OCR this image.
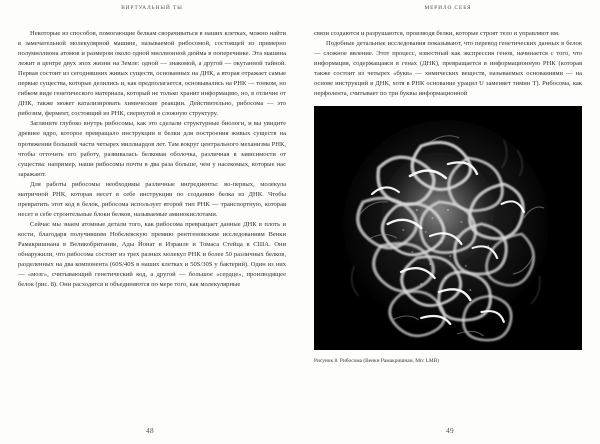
ВИРТУАЛЬНЫЙ ТЫ

Некоторые из способов, помогающие белкам сворачиваться в наших клетках, можно найти в замечательной молекулярной машине, называемой рибосомой, состоящей из примерно полумиллиона атомов и размером около одной миллионной дюйма в поперечнике. Эта машина лежит в центре двух эпох жизни на Земле: одной — знакомой, а другой — окутанной тайной. Первая состоит из сегодняшних живых существ, основанных на ДНК, а вторая отражает самые первые существа, которые делились и, как предполагается, основывались на РНК — тонком, но гибком виде генетического материала, который не только хранит информацию, но, в отличие от ДНК, также может катализировать химические реакции. Действительно, рибосома — это рибозим, фермент, состоящий из РНК, свернутой в сложную структуру.

Загляните глубоко внутрь рибосомы, как это сделали структурные биологи, и вы увидите древнее ядро, которое превращало инструкции в белки для построения живых существ на протяжении большей части четырех миллиардов лет. Там вокруг центрального механизма РНК, чтобы отточить его работу, развивалась белковая оболочка, различная в зависимости от существа: например, наши рибосомы почти в два раза больше, чем у насекомых, которые нас заражают.

Для работы рибосомы необходимы различные ингредиенты: во-первых, молекула матричной РНК, которая несет в себе инструкции по созданию белка из ДНК. Чтобы превратить этот код в белок, рибосома использует второй тип РНК — транспортную, которая несет в себе строительные блоки белков, называемые аминокислотами.

Сейчас мы знаем атомные детали того, как рибосома превращает данные ДНК в плоть и кости, благодаря получившим Нобелевскую премию рентгеновским исследованиям Венки Рамакришнана в Великобритании, Ады Йонат в Израиле и Томаса Стейца в США. Они обнаружили, что рибосома состоит из трех разных молекул РНК и более 50 различных белков, разделенных на два компонента (60S/40S в наших клетках и 50S/30S у бактерий). Один из них — «мозг», считывающий генетический код, а другой — большое «сердце», производящее белок (рис. 8). Они расходятся и объединяются по мере того, как молекулярные

48
МЕРИЛО СЕБЯ

связи создаются и разрушаются, производя белки, которые строят тело и управляют им.

Подобные детальные исследования показывают, что перевод генетических данных в белок — сложное явление. Этот процесс, известный как экспрессия генов, начинается с того, что информация, содержащаяся в генах (ДНК), превращается в информационную РНК (которая также состоит из четырех «букв» — химических веществ, называемых основаниями — на основе инструкций в ДНК, хотя в РНК основание урацил U заменяет тимин T). Рибосома, как перфолента, считывает по три буквы информационной

Рисунок 8. Рибосома (Венки Рамакришнан, Mrc LMB)
49
